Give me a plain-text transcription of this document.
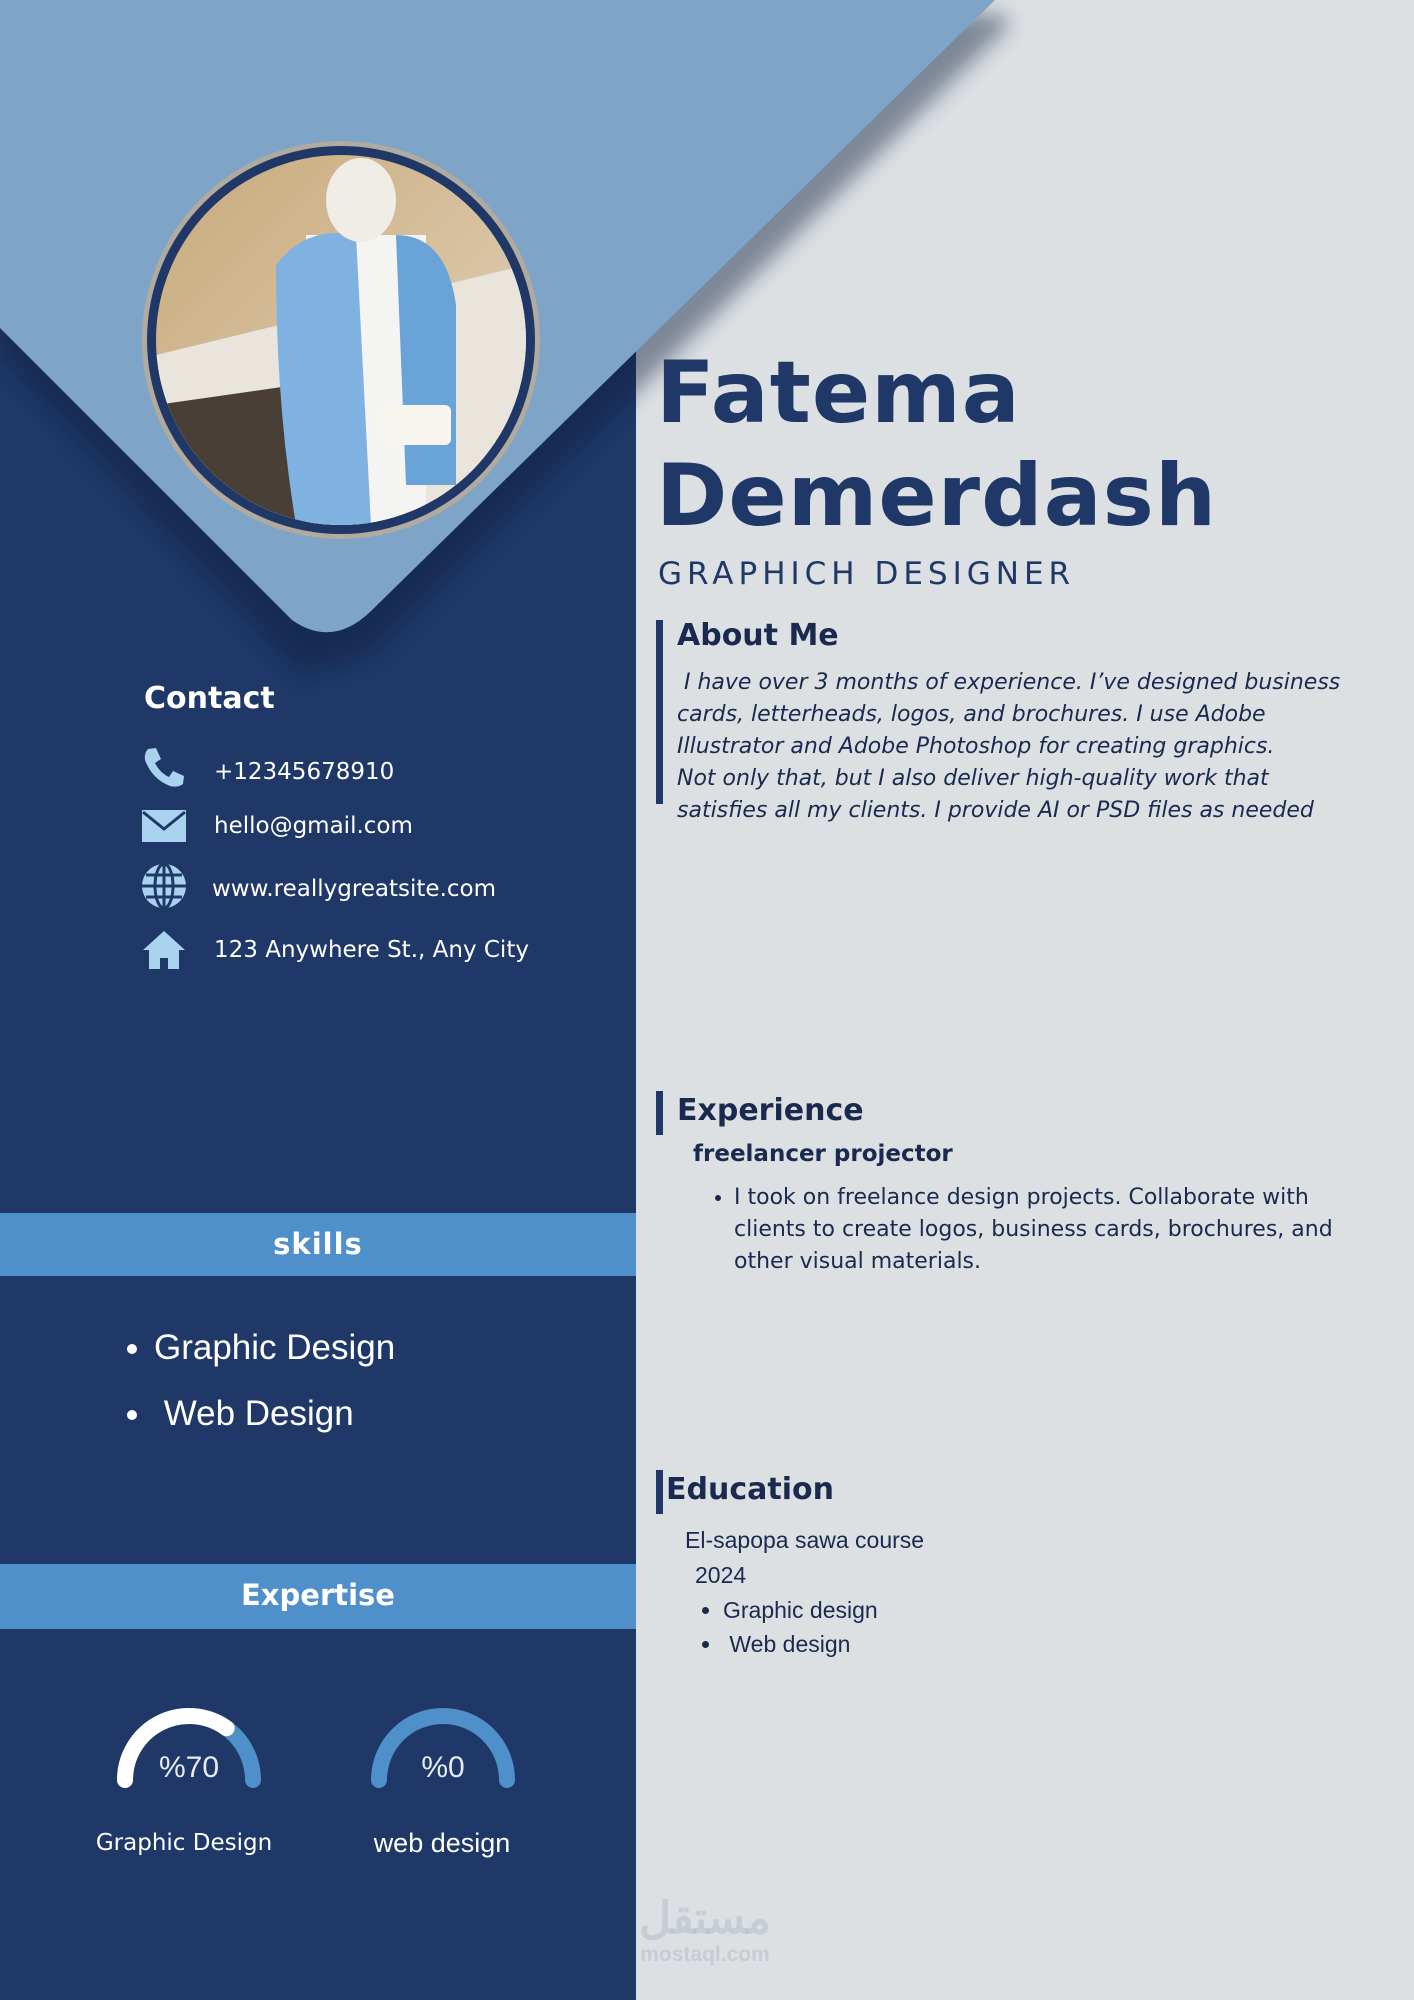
Fatema
Demerdash
GRAPHICH DESIGNER
About Me
I have over 3 months of experience. I’ve designed business
cards, letterheads, logos, and brochures. I use Adobe
Illustrator and Adobe Photoshop for creating graphics.
Not only that, but I also deliver high-quality work that
satisfies all my clients. I provide AI or PSD files as needed
Experience
freelancer projector
• I took on freelance design projects. Collaborate with clients to create logos, business cards, brochures, and other visual materials.
Education
El-sapopa sawa course
2024
• Graphic design
•  Web design
Contact
+12345678910
hello@gmail.com
www.reallygreatsite.com
123 Anywhere St., Any City
skills
• Graphic Design
•  Web Design
Expertise
%70	%0
Graphic Design	web design
مستقل
mostaql.com
